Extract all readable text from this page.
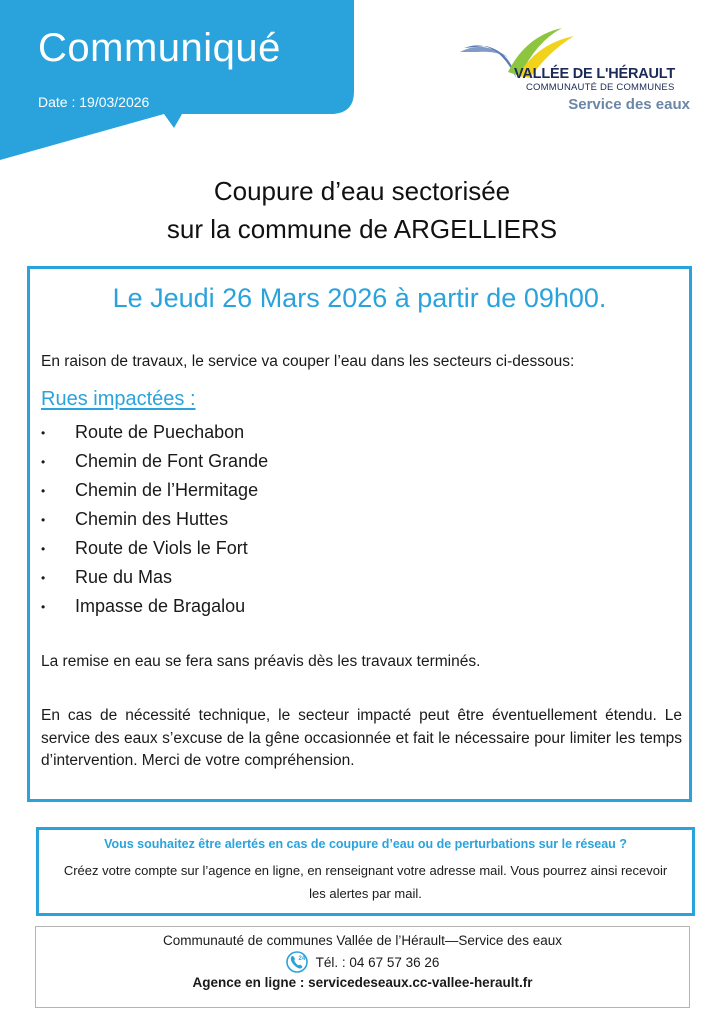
Communiqué
Date : 19/03/2026
VALLÉE DE L'HÉRAULT
COMMUNAUTÉ DE COMMUNES
Service des eaux
Coupure d’eau sectorisée
sur la commune de ARGELLIERS
Le Jeudi 26 Mars 2026 à partir de 09h00.
En raison de travaux, le service va couper l’eau dans les secteurs ci-dessous:
Rues impactées :
•	Route de Puechabon
•	Chemin de Font Grande
•	Chemin de l’Hermitage
•	Chemin des Huttes
•	Route de Viols le Fort
•	Rue du Mas
•	Impasse de Bragalou
La remise en eau se fera sans préavis dès les travaux terminés.
En cas de nécessité technique, le secteur impacté peut être éventuellement étendu. Le service des eaux s’excuse de la gêne occasionnée et fait le nécessaire pour limiter les temps d’intervention. Merci de votre compréhension.
Vous souhaitez être alertés en cas de coupure d’eau ou de perturbations sur le réseau ?
Créez votre compte sur l’agence en ligne, en renseignant votre adresse mail. Vous pourrez ainsi recevoir les alertes par mail.
Communauté de communes Vallée de l’Hérault—Service des eaux
24 Tél. : 04 67 57 36 26
Agence en ligne : servicedeseaux.cc-vallee-herault.fr
